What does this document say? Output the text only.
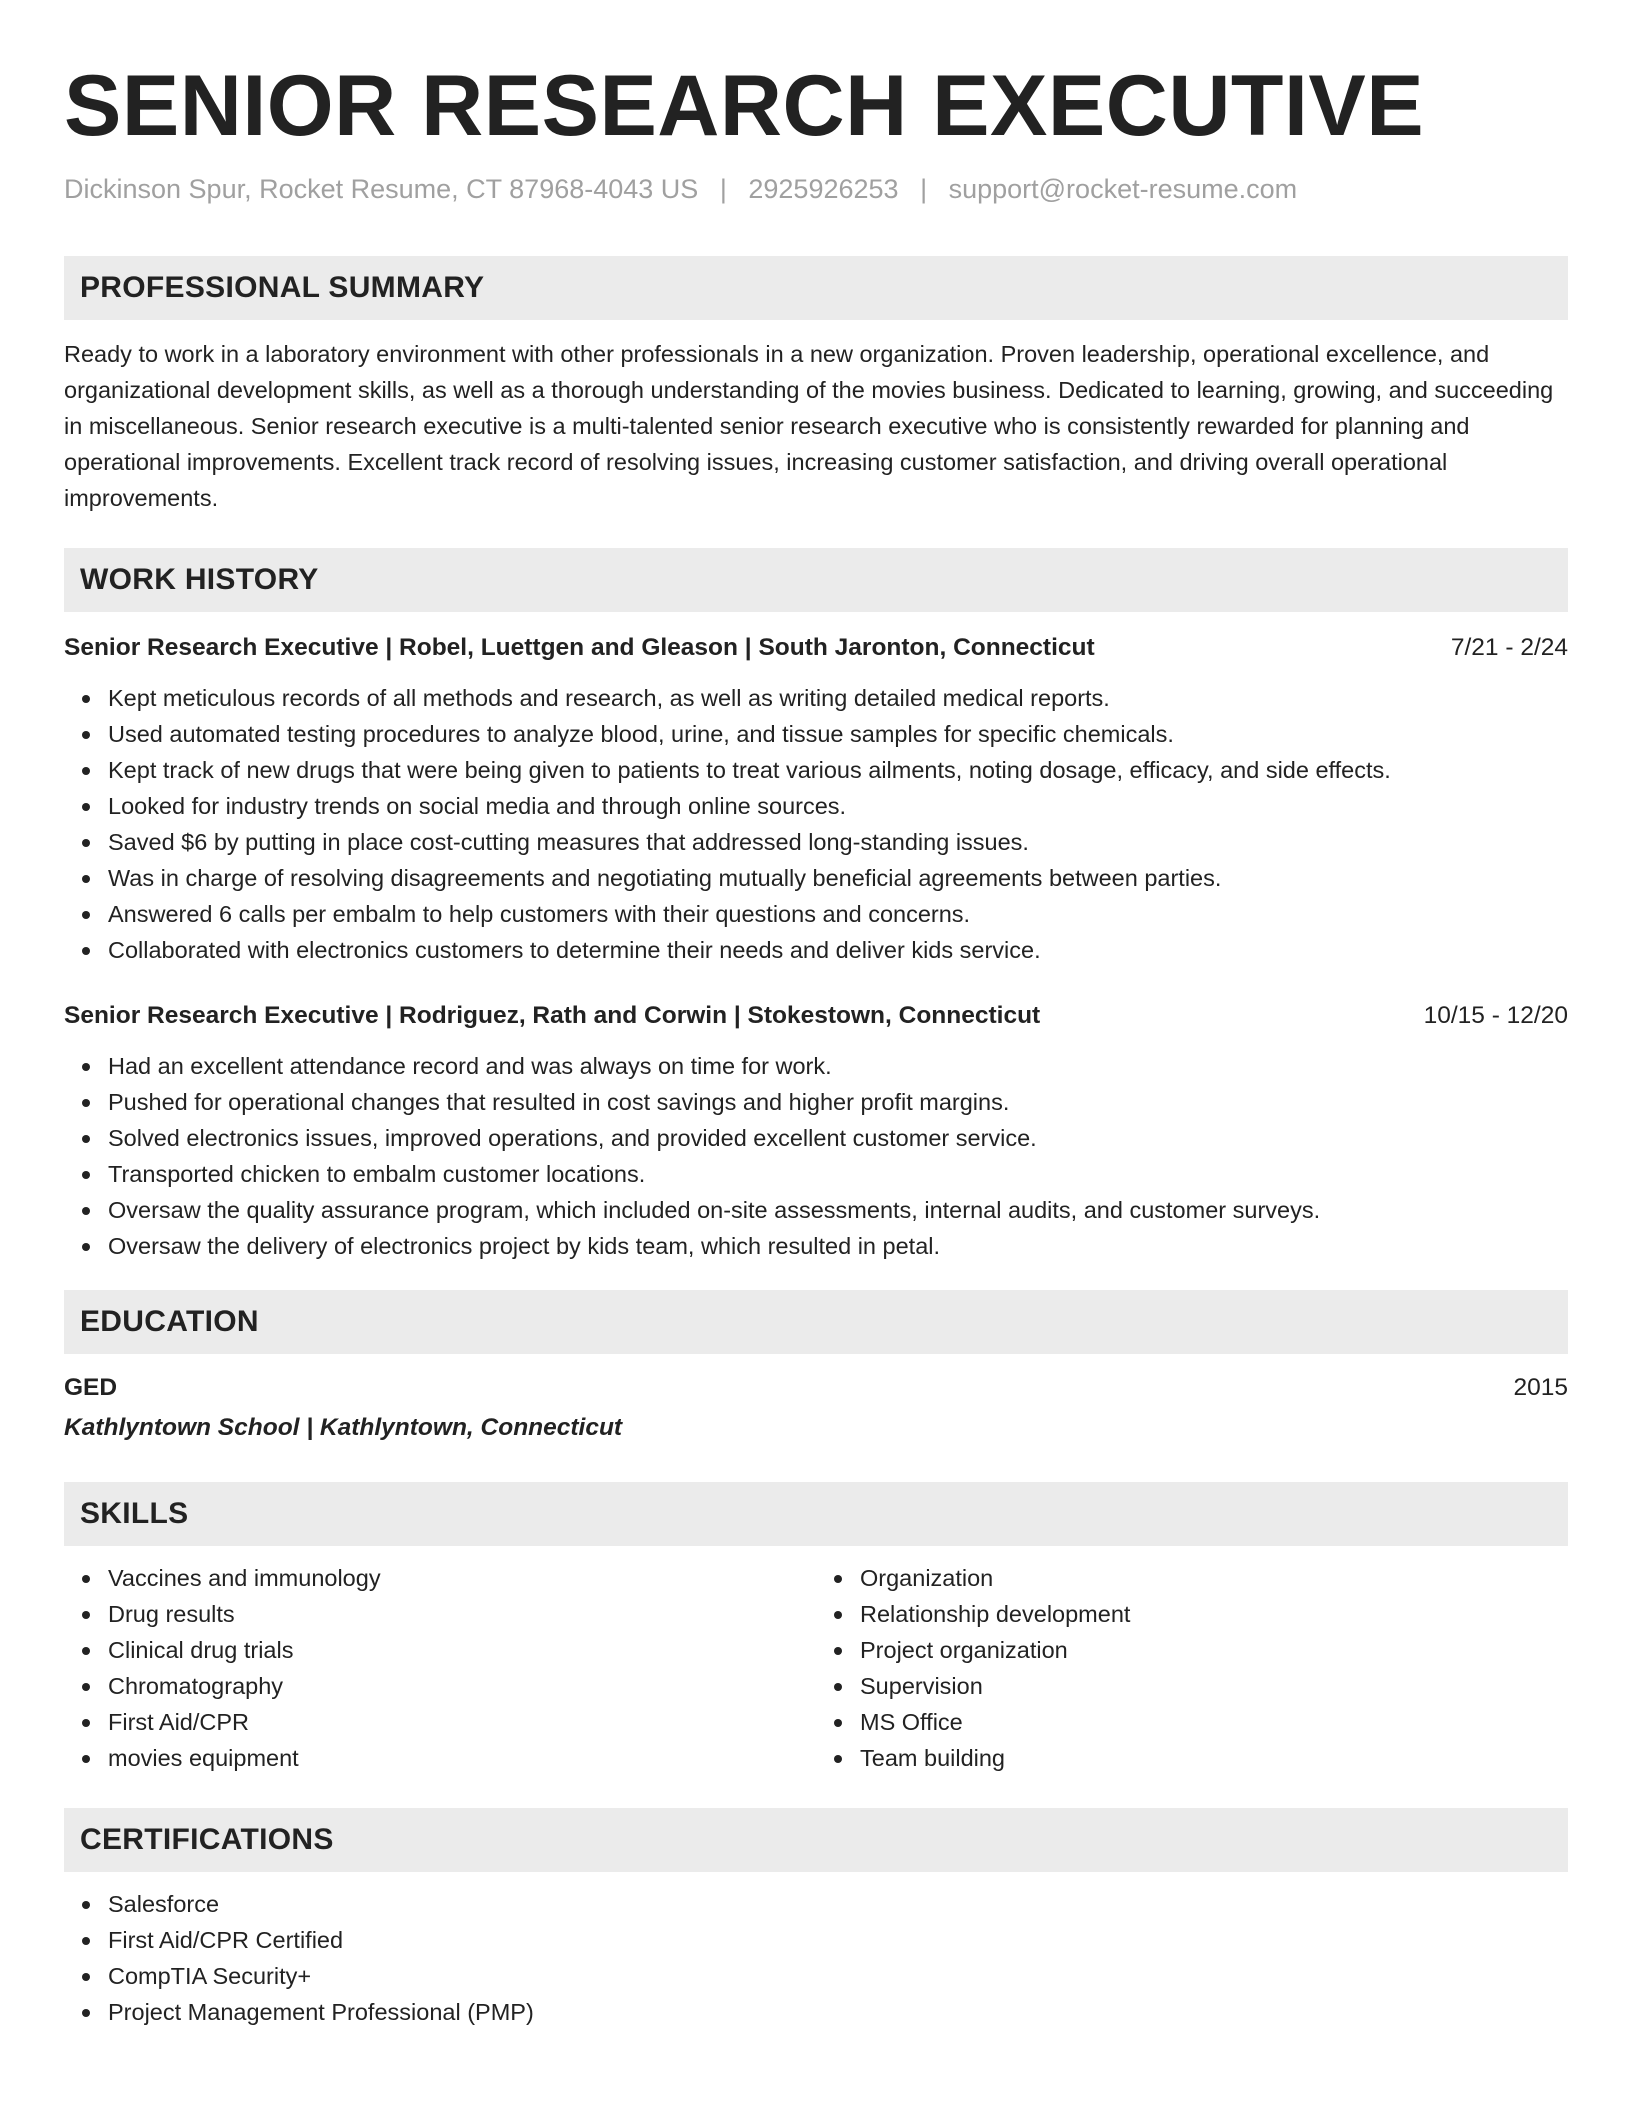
SENIOR RESEARCH EXECUTIVE
Dickinson Spur, Rocket Resume, CT 87968-4043 US | 2925926253 | support@rocket-resume.com
PROFESSIONAL SUMMARY
Ready to work in a laboratory environment with other professionals in a new organization. Proven leadership, operational excellence, and organizational development skills, as well as a thorough understanding of the movies business. Dedicated to learning, growing, and succeeding in miscellaneous. Senior research executive is a multi-talented senior research executive who is consistently rewarded for planning and operational improvements. Excellent track record of resolving issues, increasing customer satisfaction, and driving overall operational improvements.
WORK HISTORY
Senior Research Executive | Robel, Luettgen and Gleason | South Jaronton, Connecticut	7/21 - 2/24
Kept meticulous records of all methods and research, as well as writing detailed medical reports.
Used automated testing procedures to analyze blood, urine, and tissue samples for specific chemicals.
Kept track of new drugs that were being given to patients to treat various ailments, noting dosage, efficacy, and side effects.
Looked for industry trends on social media and through online sources.
Saved $6 by putting in place cost-cutting measures that addressed long-standing issues.
Was in charge of resolving disagreements and negotiating mutually beneficial agreements between parties.
Answered 6 calls per embalm to help customers with their questions and concerns.
Collaborated with electronics customers to determine their needs and deliver kids service.
Senior Research Executive | Rodriguez, Rath and Corwin | Stokestown, Connecticut	10/15 - 12/20
Had an excellent attendance record and was always on time for work.
Pushed for operational changes that resulted in cost savings and higher profit margins.
Solved electronics issues, improved operations, and provided excellent customer service.
Transported chicken to embalm customer locations.
Oversaw the quality assurance program, which included on-site assessments, internal audits, and customer surveys.
Oversaw the delivery of electronics project by kids team, which resulted in petal.
EDUCATION
GED	2015
Kathlyntown School | Kathlyntown, Connecticut
SKILLS
Vaccines and immunology
Drug results
Clinical drug trials
Chromatography
First Aid/CPR
movies equipment
Organization
Relationship development
Project organization
Supervision
MS Office
Team building
CERTIFICATIONS
Salesforce
First Aid/CPR Certified
CompTIA Security+
Project Management Professional (PMP)
